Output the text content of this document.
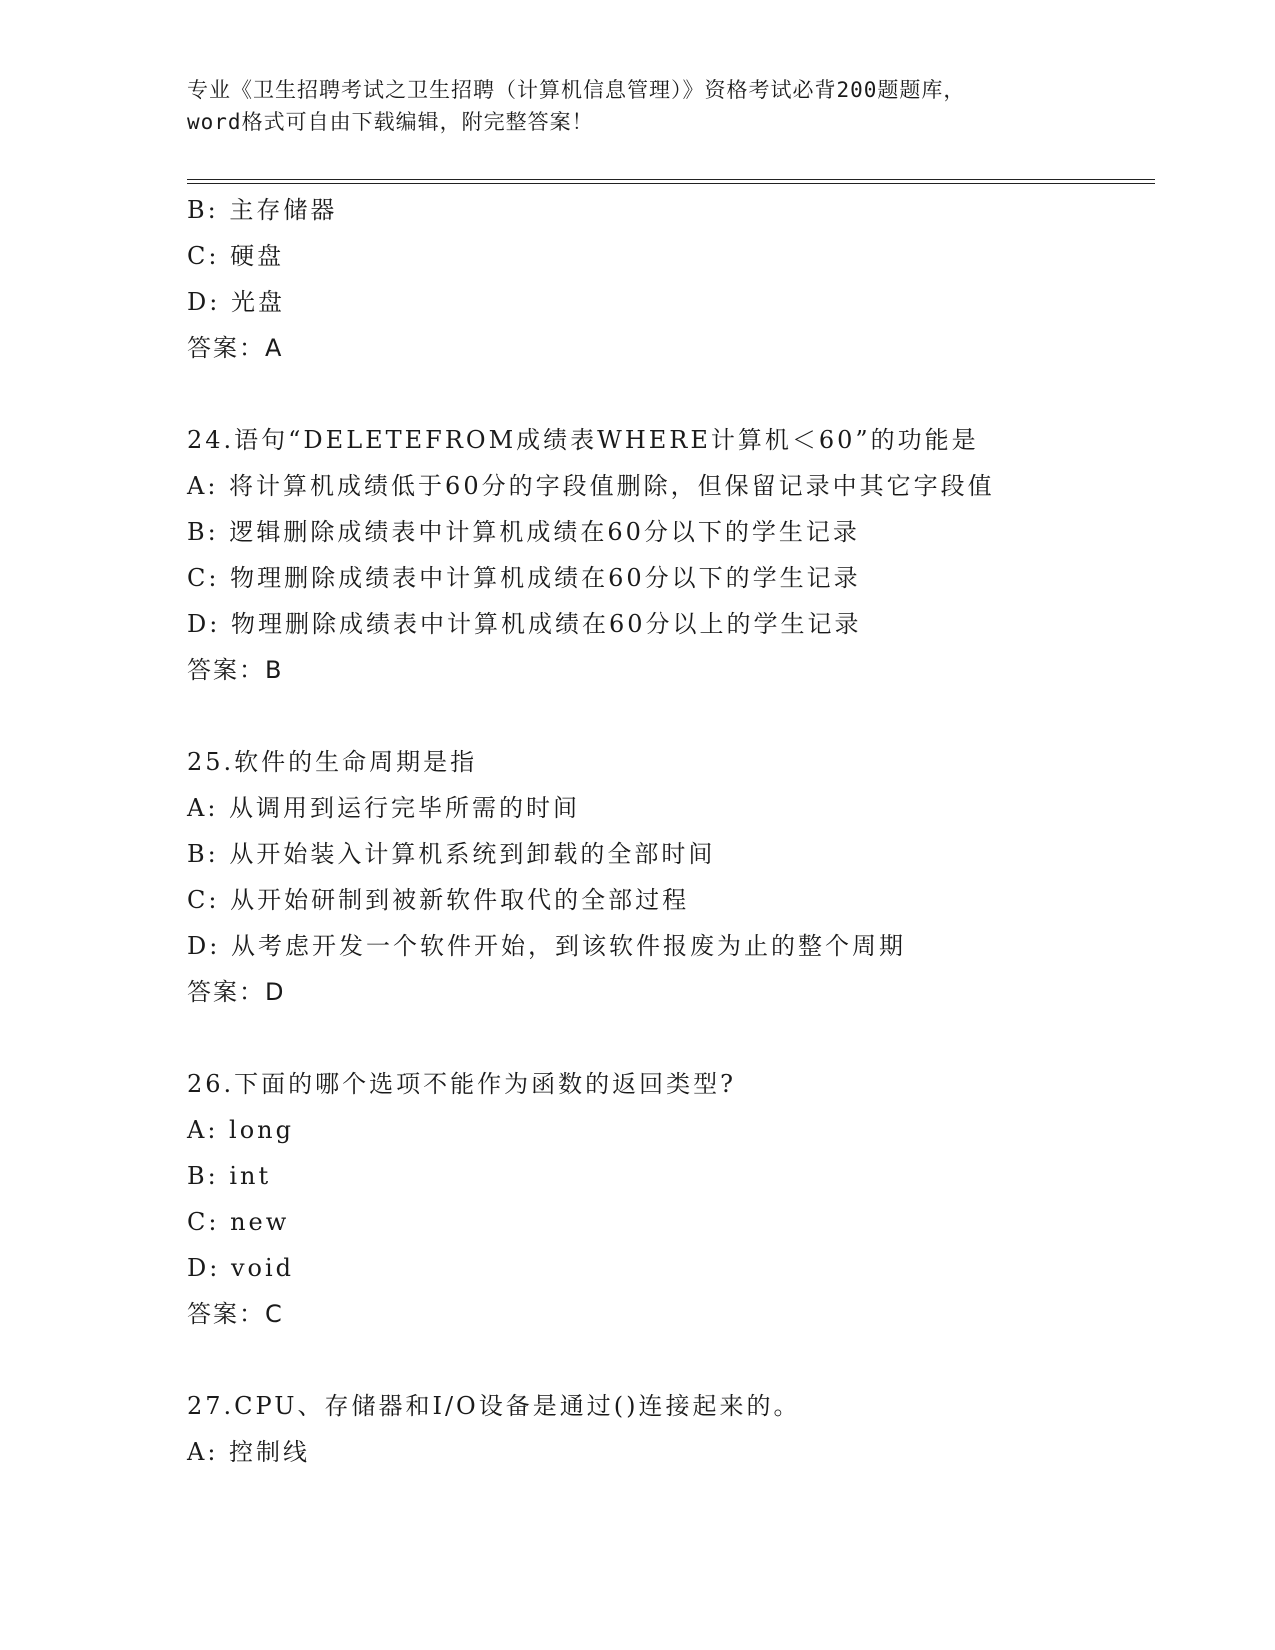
专业《卫生招聘考试之卫生招聘（计算机信息管理）》资格考试必背200题题库，
word格式可自由下载编辑，附完整答案！
B: 主存储器
C: 硬盘
D: 光盘
答案：A
24.语句“DELETEFROM成绩表WHERE计算机＜60”的功能是
A: 将计算机成绩低于60分的字段值删除，但保留记录中其它字段值
B: 逻辑删除成绩表中计算机成绩在60分以下的学生记录
C: 物理删除成绩表中计算机成绩在60分以下的学生记录
D: 物理删除成绩表中计算机成绩在60分以上的学生记录
答案：B
25.软件的生命周期是指
A: 从调用到运行完毕所需的时间
B: 从开始装入计算机系统到卸载的全部时间
C: 从开始研制到被新软件取代的全部过程
D: 从考虑开发一个软件开始，到该软件报废为止的整个周期
答案：D
26.下面的哪个选项不能作为函数的返回类型?
A: long
B: int
C: new
D: void
答案：C
27.CPU、存储器和I/O设备是通过()连接起来的。
A: 控制线
